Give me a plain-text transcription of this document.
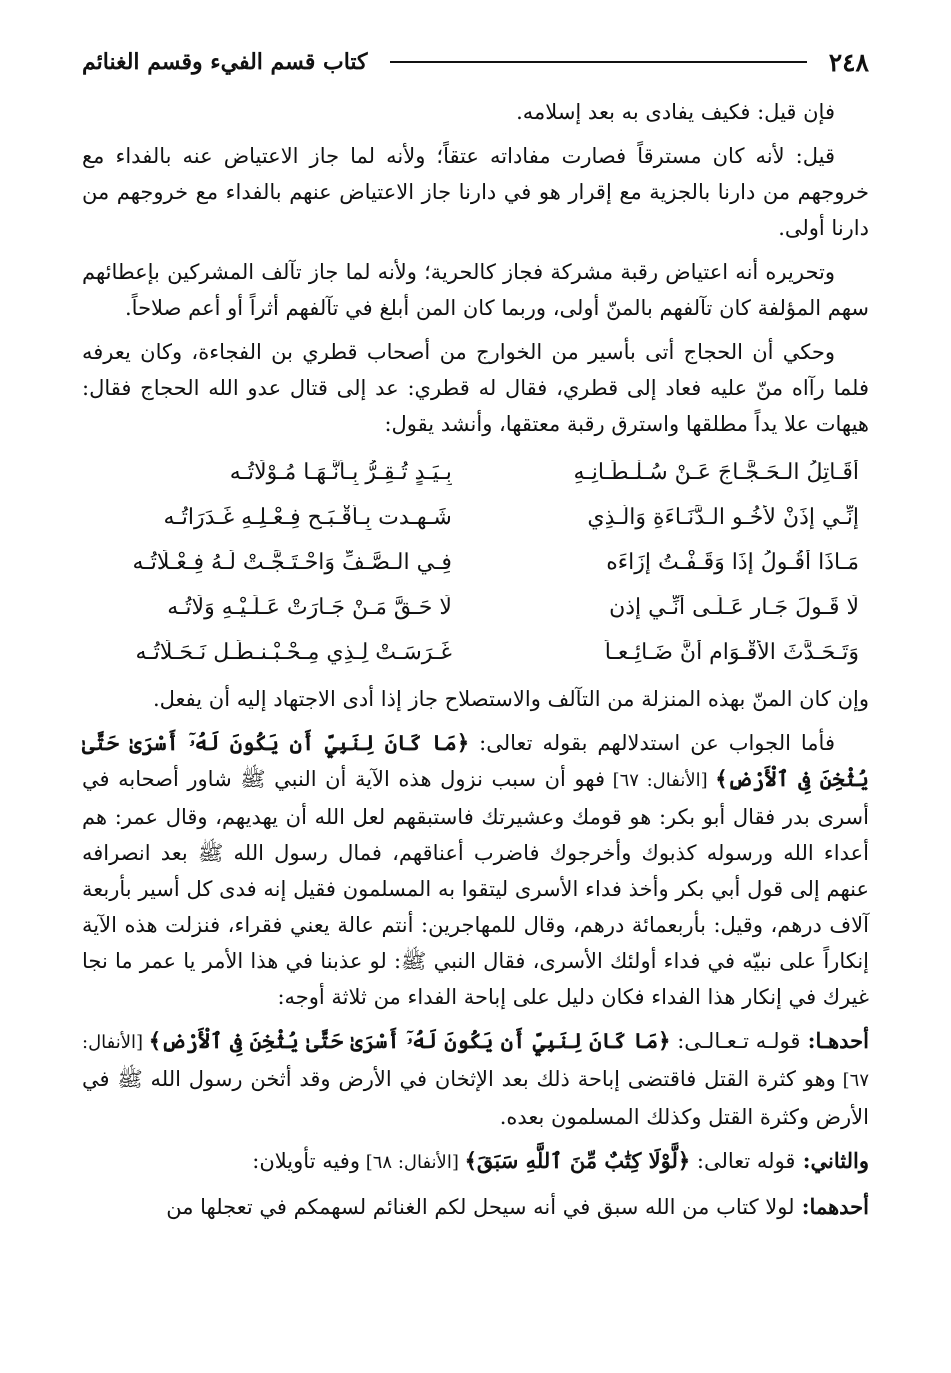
٢٤٨
كتاب قسم الفيء وقسم الغنائم

فإن قيل: فكيف يفادى به بعد إسلامه.

قيل: لأنه كان مسترقاً فصارت مفاداته عتقاً؛ ولأنه لما جاز الاعتياض عنه بالفداء مع خروجهم من دارنا بالجزية مع إقرار هو في دارنا جاز الاعتياض عنهم بالفداء مع خروجهم من دارنا أولى.

وتحريره أنه اعتياض رقبة مشركة فجاز كالحرية؛ ولأنه لما جاز تآلف المشركين بإعطائهم سهم المؤلفة كان تآلفهم بالمنّ أولى، وربما كان المن أبلغ في تآلفهم أثراً أو أعم صلاحاً.

وحكي أن الحجاج أتى بأسير من الخوارج من أصحاب قطري بن الفجاءة، وكان يعرفه فلما رآاه منّ عليه فعاد إلى قطري، فقال له قطري: عد إلى قتال عدو الله الحجاج فقال: هيهات علا يداً مطلقها واسترق رقبة معتقها، وأنشد يقول:

أُقَـاتِلُ الـحَـجَّـاجَ عَـنْ سُـلْـطَـانِـهِ
بِـيَـدٍ تُـقِـرُّ بِـأَنَّـهَـا مُـوْلَاتُـه
إِنِّـي إِذَنْ لأَخُـو الـدَّنَـاءَةِ وَالَّـذِي
شَـهِـدت بِـأَقْـبَـح فِـعْـلِـهِ غَـدَرَاتُـه
مَـاذَا أَقُـولُ إِذَا وَقَـفْـتُ إِزَاءَه
فِـي الـصَّـفِّ وَاحْـتَـجَّـتْ لَـهُ فِـعْـلَاتُـه
لَا قَـولَ جَـارٍ عَـلَـى أَنِّـي إِذن
لَا حَـقَّ مَـنْ جَـارَتْ عَـلَـيْـهِ وَلَاتُـه
وَتَـحَـدَّثَ الأَقْـوَام أَنَّ ضَـائِـعـاً
غَـرَسَـتْ لِـذِي مِـحْـبْـنـطَـل نَـحَـلَاتُـه

وإن كان المنّ بهذه المنزلة من التآلف والاستصلاح جاز إذا أدى الاجتهاد إليه أن يفعل.

فأما الجواب عن استدلالهم بقوله تعالى: ﴿مَا كَانَ لِنَبِيٍّ أَن يَكُونَ لَهُۥٓ أَسْرَىٰ حَتَّىٰ يُثْخِنَ فِى ٱلْأَرْضِ﴾ [الأنفال: ٦٧] فهو أن سبب نزول هذه الآية أن النبي ﷺ شاور أصحابه في أسرى بدر فقال أبو بكر: هو قومك وعشيرتك فاستبقهم لعل الله أن يهديهم، وقال عمر: هم أعداء الله ورسوله كذبوك وأخرجوك فاضرب أعناقهم، فمال رسول الله ﷺ بعد انصرافه عنهم إلى قول أبي بكر وأخذ فداء الأسرى ليتقوا به المسلمون فقيل إنه فدى كل أسير بأربعة آلاف درهم، وقيل: بأربعمائة درهم، وقال للمهاجرين: أنتم عالة يعني فقراء، فنزلت هذه الآية إنكاراً على نبيّه في فداء أولئك الأسرى، فقال النبي ﷺ: لو عذبنا في هذا الأمر يا عمر ما نجا غيرك في إنكار هذا الفداء فكان دليل على إباحة الفداء من ثلاثة أوجه:

أحدهـا: قولـه تـعـالـى: ﴿مَا كَانَ لِنَبِيٍّ أَن يَكُونَ لَهُۥٓ أَسْرَىٰ حَتَّىٰ يُثْخِنَ فِى ٱلْأَرْضِ﴾ [الأنفال: ٦٧] وهو كثرة القتل فاقتضى إباحة ذلك بعد الإثخان في الأرض وقد أثخن رسول الله ﷺ في الأرض وكثرة القتل وكذلك المسلمون بعده.

والثاني: قوله تعالى: ﴿لَّوْلَا كِتَٰبٌ مِّنَ ٱللَّهِ سَبَقَ﴾ [الأنفال: ٦٨] وفيه تأويلان:

أحدهما: لولا كتاب من الله سبق في أنه سيحل لكم الغنائم لسهمكم في تعجلها من
